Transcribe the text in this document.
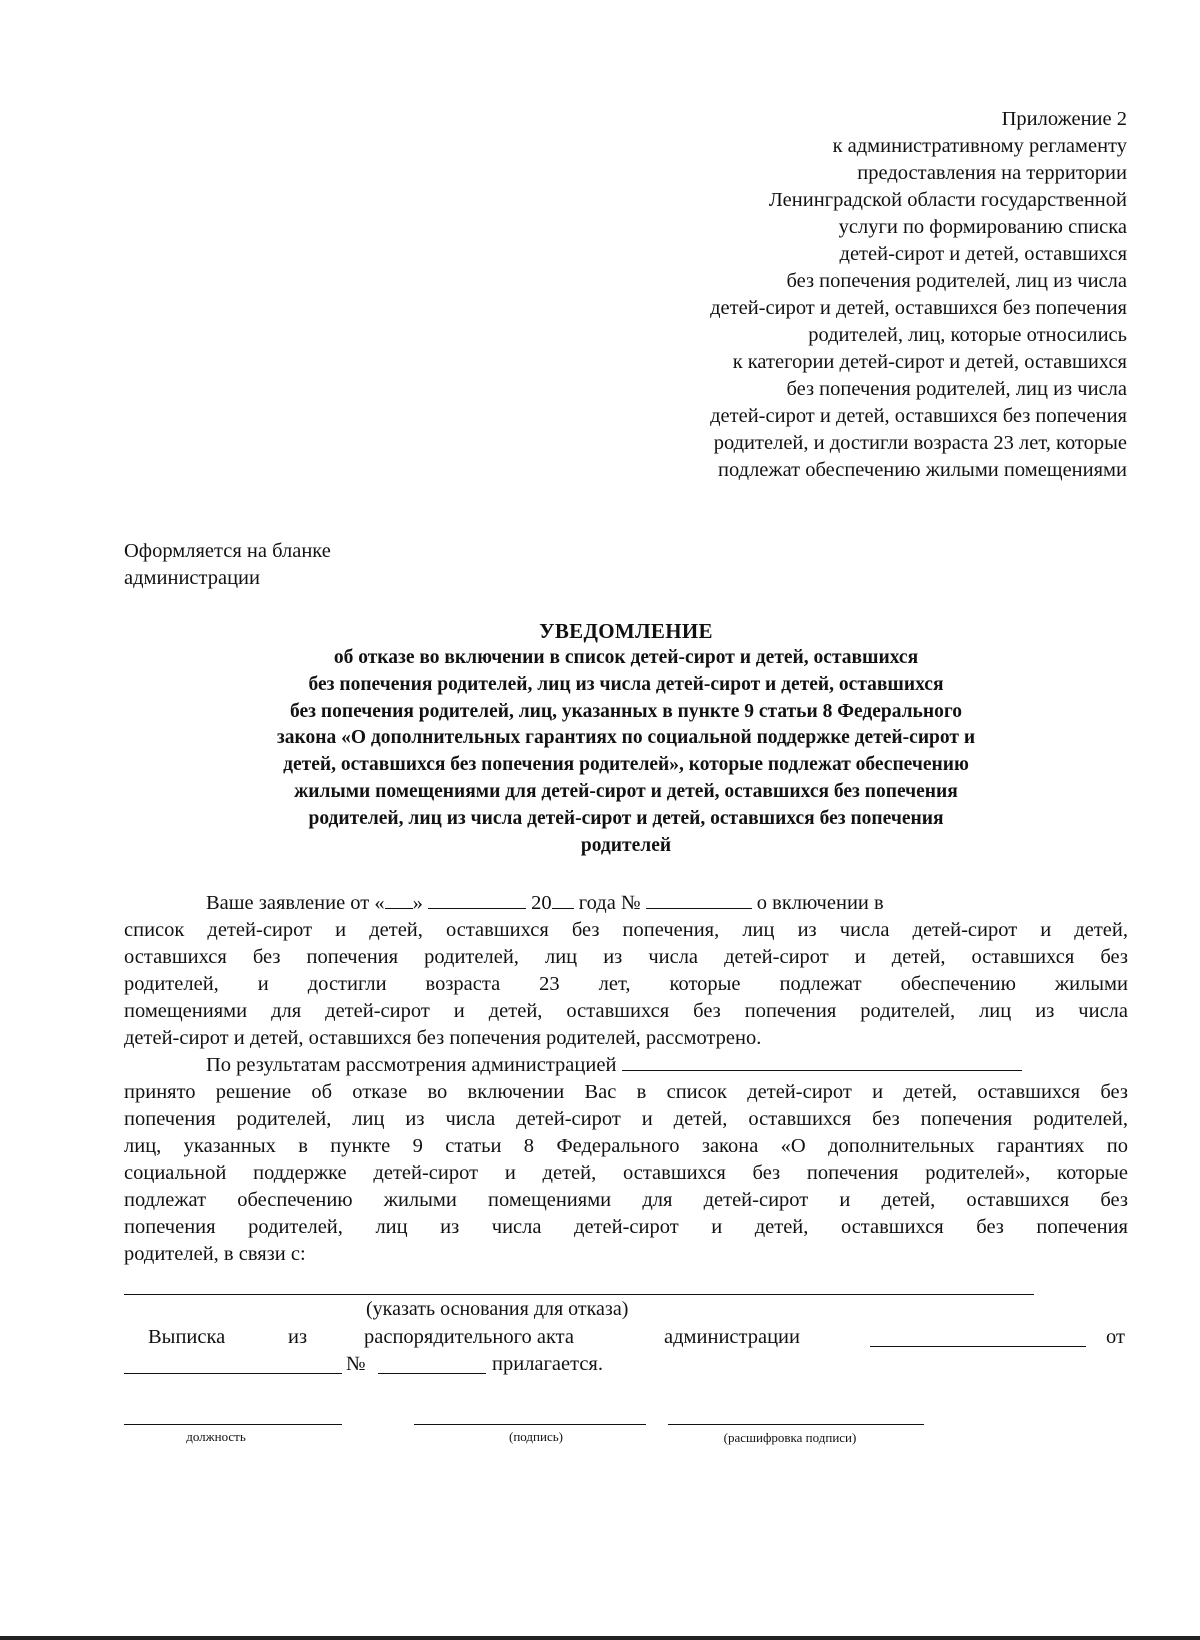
Приложение 2
к административному регламенту
предоставления на территории
Ленинградской области государственной
услуги по формированию списка
детей-сирот и детей, оставшихся
без попечения родителей, лиц из числа
детей-сирот и детей, оставшихся без попечения
родителей, лиц, которые относились
к категории детей-сирот и детей, оставшихся
без попечения родителей, лиц из числа
детей-сирот и детей, оставшихся без попечения
родителей, и достигли возраста 23 лет, которые
подлежат обеспечению жилыми помещениями
Оформляется на бланке
администрации
УВЕДОМЛЕНИЕ
об отказе во включении в список детей-сирот и детей, оставшихся
без попечения родителей, лиц из числа детей-сирот и детей, оставшихся
без попечения родителей, лиц, указанных в пункте 9 статьи 8 Федерального
закона «О дополнительных гарантиях по социальной поддержке детей-сирот и
детей, оставшихся без попечения родителей», которые подлежат обеспечению
жилыми помещениями для детей-сирот и детей, оставшихся без попечения
родителей, лиц из числа детей-сирот и детей, оставшихся без попечения
родителей
Ваше заявление от « »	20 года №	о включении в
список детей-сирот и детей, оставшихся без попечения, лиц из числа детей-сирот и детей,
оставшихся без попечения родителей, лиц из числа детей-сирот и детей, оставшихся без
родителей, и достигли возраста 23 лет, которые подлежат обеспечению жилыми
помещениями для детей-сирот и детей, оставшихся без попечения родителей, лиц из числа
детей-сирот и детей, оставшихся без попечения родителей, рассмотрено.
По результатам рассмотрения администрацией
принято решение об отказе во включении Вас в список детей-сирот и детей, оставшихся без
попечения родителей, лиц из числа детей-сирот и детей, оставшихся без попечения родителей,
лиц, указанных в пункте 9 статьи 8 Федерального закона «О дополнительных гарантиях по
социальной поддержке детей-сирот и детей, оставшихся без попечения родителей», которые
подлежат обеспечению жилыми помещениями для детей-сирот и детей, оставшихся без
попечения родителей, лиц из числа детей-сирот и детей, оставшихся без попечения
родителей, в связи с:
(указать основания для отказа)
Выписка	из	распорядительного акта	администрации	от
№	прилагается.
должность	(подпись)	(расшифровка подписи)
